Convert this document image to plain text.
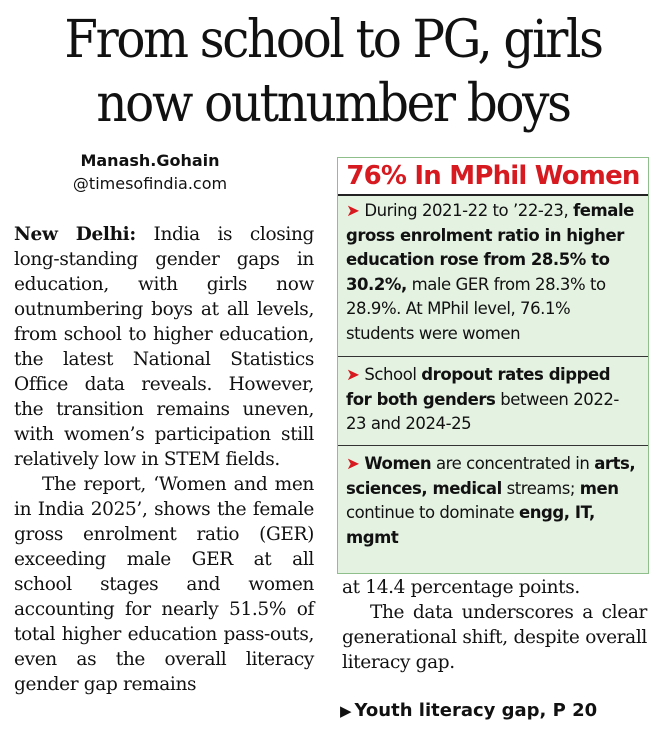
From school to PG, girls
now outnumber boys
Manash.Gohain
@timesofindia.com

New Delhi: India is closing long-standing gender gaps in education, with girls now outnumbering boys at all levels, from school to higher education, the latest National Statistics Office data reveals. However, the transition remains uneven, with women’s participation still relatively low in STEM fields.

The report, ‘Women and men in India 2025’, shows the female gross enrolment ratio (GER) exceeding male GER at all school stages and women accounting for nearly 51.5% of total higher education pass-outs, even as the overall literacy gender gap remains

76% In MPhil Women
➤ During 2021-22 to ’22-23, female gross enrolment ratio in higher education rose from 28.5% to 30.2%, male GER from 28.3% to 28.9%. At MPhil level, 76.1% students were women
➤ School dropout rates dipped for both genders between 2022-23 and 2024-25
➤ Women are concentrated in arts, sciences, medical streams; men continue to dominate engg, IT, mgmt

at 14.4 percentage points.

The data underscores a clear generational shift, despite overall literacy gap.

▶ Youth literacy gap, P 20
